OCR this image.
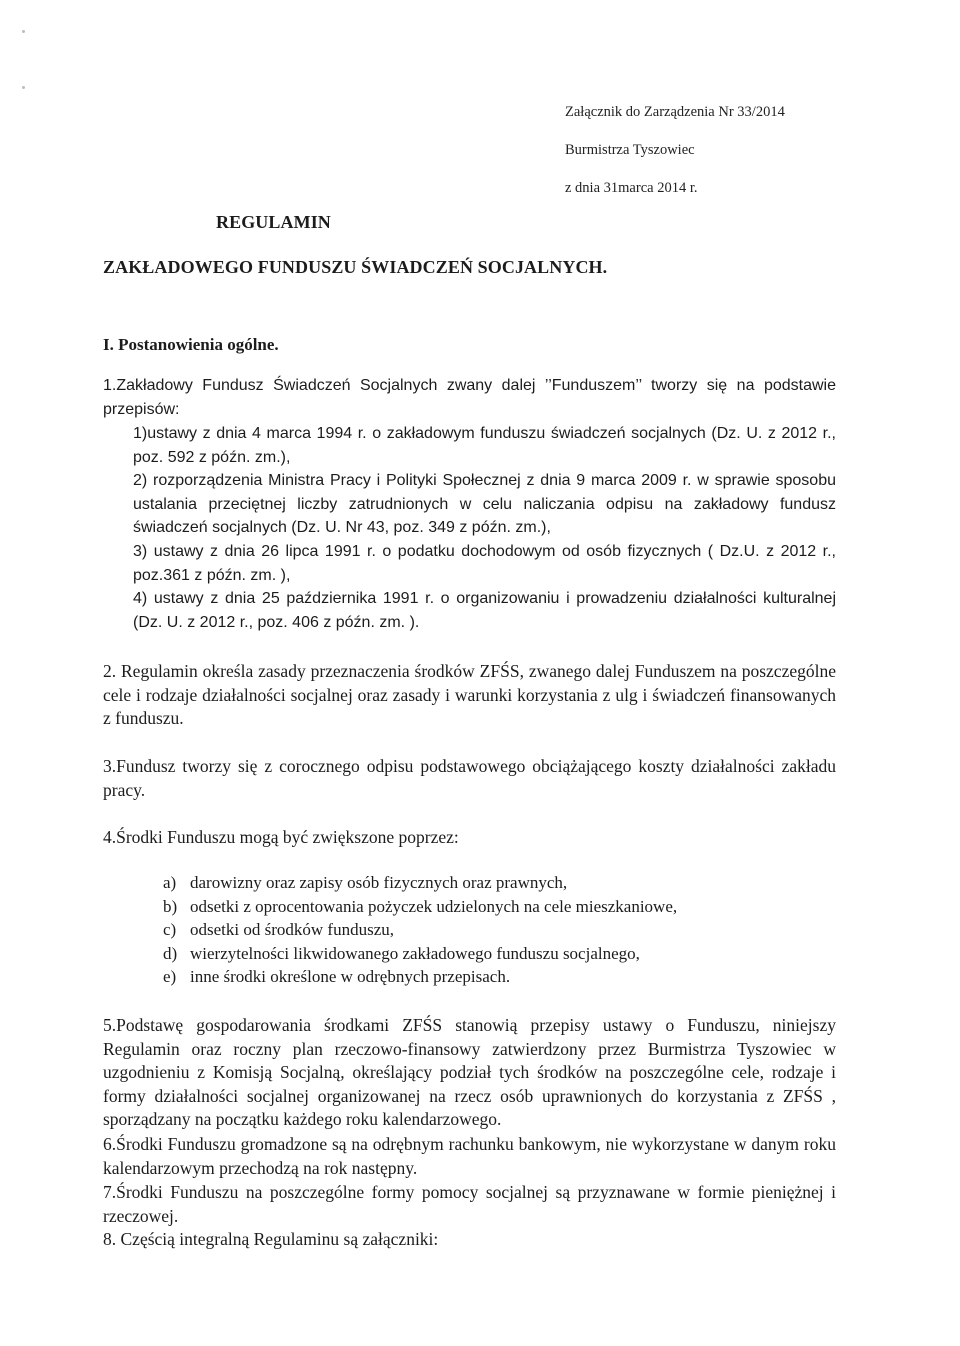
Załącznik do Zarządzenia Nr 33/2014
Burmistrza Tyszowiec
z dnia 31marca 2014 r.
REGULAMIN
ZAKŁADOWEGO FUNDUSZU ŚWIADCZEŃ SOCJALNYCH.
I. Postanowienia ogólne.
1.Zakładowy Fundusz Świadczeń Socjalnych zwany dalej ’’Funduszem’’ tworzy się na podstawie przepisów:
1)ustawy z dnia 4 marca 1994 r. o zakładowym funduszu świadczeń socjalnych (Dz. U. z 2012 r., poz. 592 z późn. zm.),
2) rozporządzenia Ministra Pracy i Polityki Społecznej z dnia 9 marca 2009 r. w sprawie sposobu ustalania przeciętnej liczby zatrudnionych w celu naliczania odpisu na zakładowy fundusz świadczeń socjalnych (Dz. U. Nr 43, poz. 349 z późn. zm.),
3) ustawy z dnia 26 lipca 1991 r. o podatku dochodowym od osób fizycznych ( Dz.U. z 2012 r., poz.361 z późn. zm. ),
4) ustawy z dnia 25 października 1991 r. o organizowaniu i prowadzeniu działalności kulturalnej (Dz. U. z 2012 r., poz. 406 z późn. zm. ).
2. Regulamin określa zasady przeznaczenia środków ZFŚS, zwanego dalej Funduszem na poszczególne cele i rodzaje działalności socjalnej oraz zasady i warunki korzystania z ulg i świadczeń finansowanych z funduszu.
3.Fundusz tworzy się z corocznego odpisu podstawowego obciążającego koszty działalności zakładu pracy.
4.Środki Funduszu mogą być zwiększone poprzez:
a) darowizny oraz zapisy osób fizycznych oraz prawnych,
b) odsetki z oprocentowania pożyczek udzielonych na cele mieszkaniowe,
c) odsetki od środków funduszu,
d) wierzytelności likwidowanego zakładowego funduszu socjalnego,
e) inne środki określone w odrębnych przepisach.
5.Podstawę gospodarowania środkami ZFŚS stanowią przepisy ustawy o Funduszu, niniejszy Regulamin oraz roczny plan rzeczowo-finansowy zatwierdzony przez Burmistrza Tyszowiec w uzgodnieniu z Komisją Socjalną, określający podział tych środków na poszczególne cele, rodzaje i formy działalności socjalnej organizowanej na rzecz osób uprawnionych do korzystania z ZFŚS , sporządzany na początku każdego roku kalendarzowego.
6.Środki Funduszu gromadzone są na odrębnym rachunku bankowym, nie wykorzystane w danym roku kalendarzowym przechodzą na rok następny.
7.Środki Funduszu na poszczególne formy pomocy socjalnej są przyznawane w formie pieniężnej i rzeczowej.
8. Częścią integralną Regulaminu są załączniki:
